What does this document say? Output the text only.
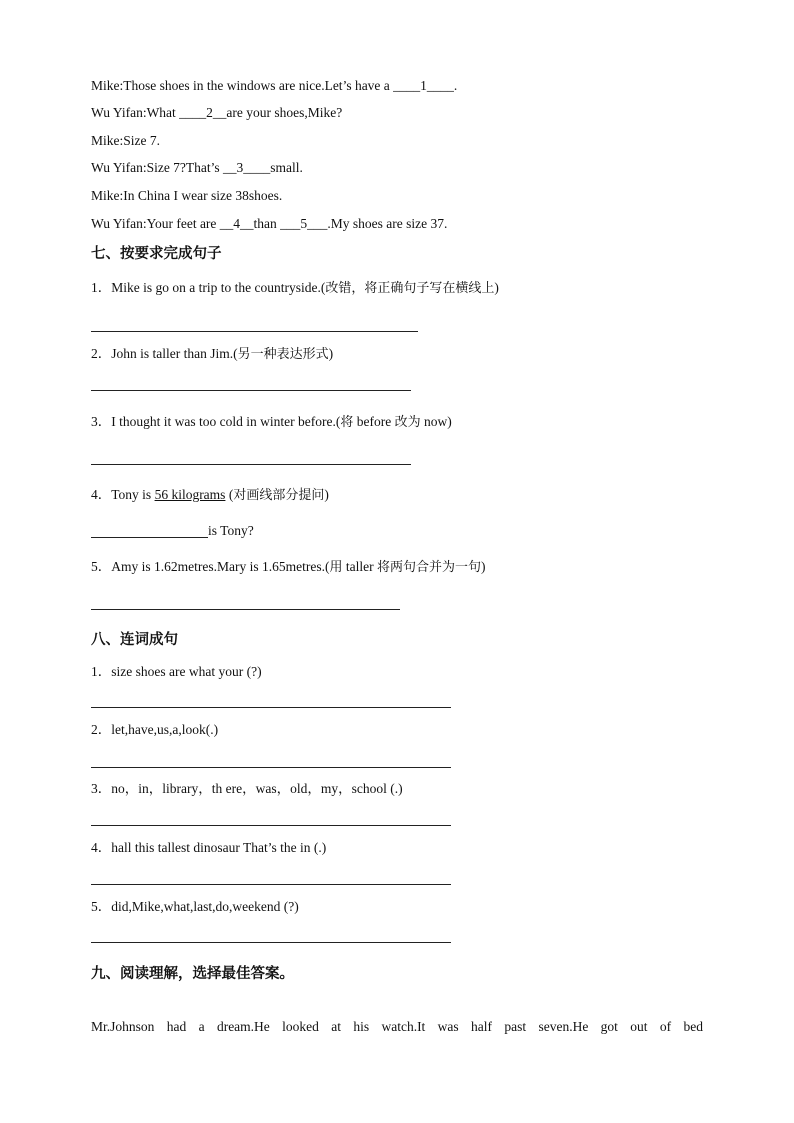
Mike:Those shoes in the windows are nice.Let’s have a ____1____.
Wu Yifan:What ____2__are your shoes,Mike?
Mike:Size 7.
Wu Yifan:Size 7?That’s __3____small.
Mike:In China I wear size 38shoes.
Wu Yifan:Your feet are __4__than ___5___.My shoes are size 37.
七、按要求完成句子
1．Mike is go on a trip to the countryside.(改错，将正确句子写在横线上)
2．John is taller than Jim.(另一种表达形式)
3．I thought it was too cold in winter before.(将 before 改为 now)
4．Tony is 56 kilograms (对画线部分提问)
is Tony?
5．Amy is 1.62metres.Mary is 1.65metres.(用 taller 将两句合并为一句)
八、连词成句
1．size shoes are what your (?)
2．let,have,us,a,look(.)
3．no，in，library，th ere，was，old，my，school (.)
4．hall this tallest dinosaur That’s the in (.)
5．did,Mike,what,last,do,weekend (?)
九、阅读理解，选择最佳答案。
Mr.Johnson had a dream.He looked at his watch.It was half past seven.He got out of bed
